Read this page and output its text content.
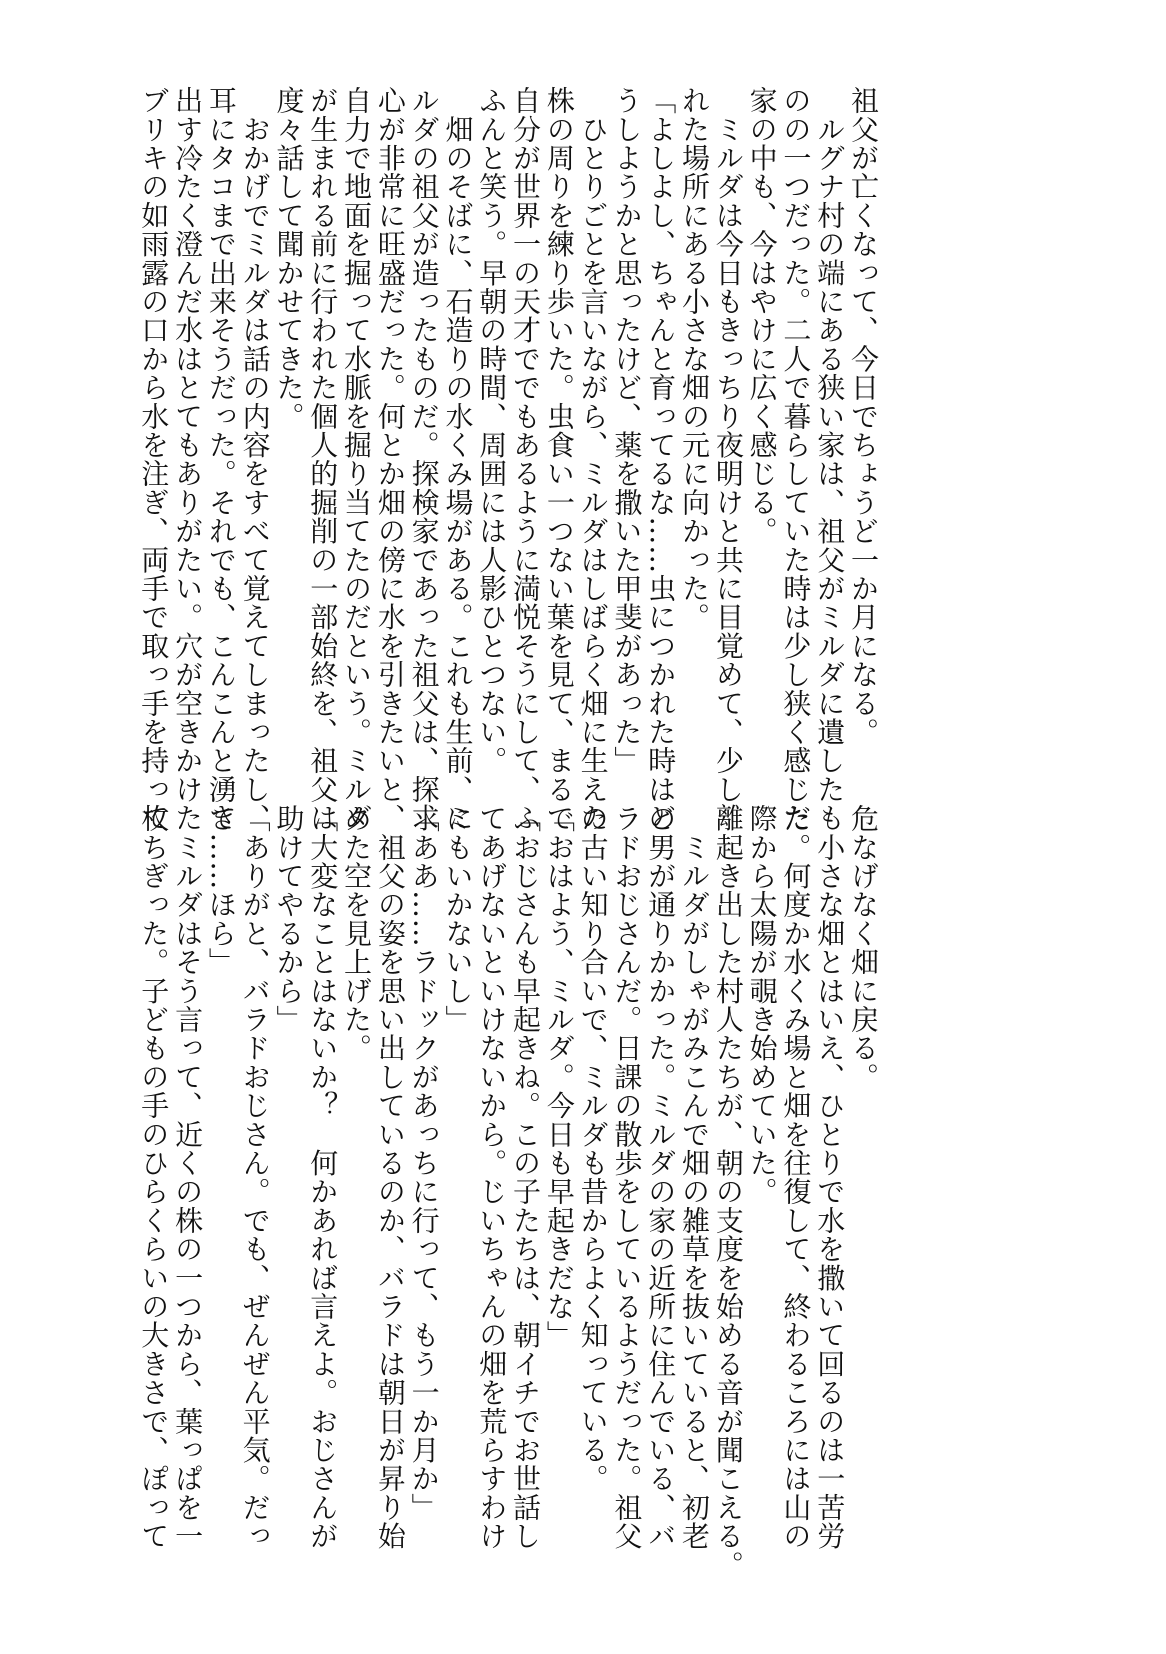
祖父が亡くなって、今日でちょうど一か月になる。
　ルグナ村の端にある狭い家は、祖父がミルダに遺したも
のの一つだった。二人で暮らしていた時は少し狭く感じた
家の中も、今はやけに広く感じる。
　ミルダは今日もきっちり夜明けと共に目覚めて、少し離
れた場所にある小さな畑の元に向かった。
「よしよし、ちゃんと育ってるな……虫につかれた時はど
うしようかと思ったけど、薬を撒いた甲斐があった」
　ひとりごとを言いながら、ミルダはしばらく畑に生えた
株の周りを練り歩いた。虫食い一つない葉を見て、まるで
自分が世界一の天才ででもあるように満悦そうにして、ふ
ふんと笑う。早朝の時間、周囲には人影ひとつない。
　畑のそばに、石造りの水くみ場がある。これも生前、ミ
ルダの祖父が造ったものだ。探検家であった祖父は、探求
心が非常に旺盛だった。何とか畑の傍に水を引きたいと、
自力で地面を掘って水脈を掘り当てたのだという。ミルダ
が生まれる前に行われた個人的掘削の一部始終を、祖父は
度々話して聞かせてきた。
　おかげでミルダは話の内容をすべて覚えてしまったし、
耳にタコまで出来そうだった。それでも、こんこんと湧き
出す冷たく澄んだ水はとてもありがたい。穴が空きかけた
ブリキの如雨露の口から水を注ぎ、両手で取っ手を持って
危なげなく畑に戻る。
　小さな畑とはいえ、ひとりで水を撒いて回るのは一苦労
だ。何度か水くみ場と畑を往復して、終わるころには山の
際から太陽が覗き始めていた。
　起き出した村人たちが、朝の支度を始める音が聞こえる。
　ミルダがしゃがみこんで畑の雑草を抜いていると、初老
の男が通りかかった。ミルダの家の近所に住んでいる、バ
ラドおじさんだ。日課の散歩をしているようだった。祖父
の古い知り合いで、ミルダも昔からよく知っている。
「おはよう、ミルダ。今日も早起きだな」
「おじさんも早起きね。この子たちは、朝イチでお世話し
てあげないといけないから。じいちゃんの畑を荒らすわけ
にもいかないし」
「ああ……ラドックがあっちに行って、もう一か月か」
　祖父の姿を思い出しているのか、バラドは朝日が昇り始
めた空を見上げた。
「大変なことはないか？　何かあれば言えよ。おじさんが
助けてやるから」
「ありがと、バラドおじさん。でも、ぜんぜん平気。だっ
て……ほら」
　ミルダはそう言って、近くの株の一つから、葉っぱを一
枚ちぎった。子どもの手のひらくらいの大きさで、ぽって
